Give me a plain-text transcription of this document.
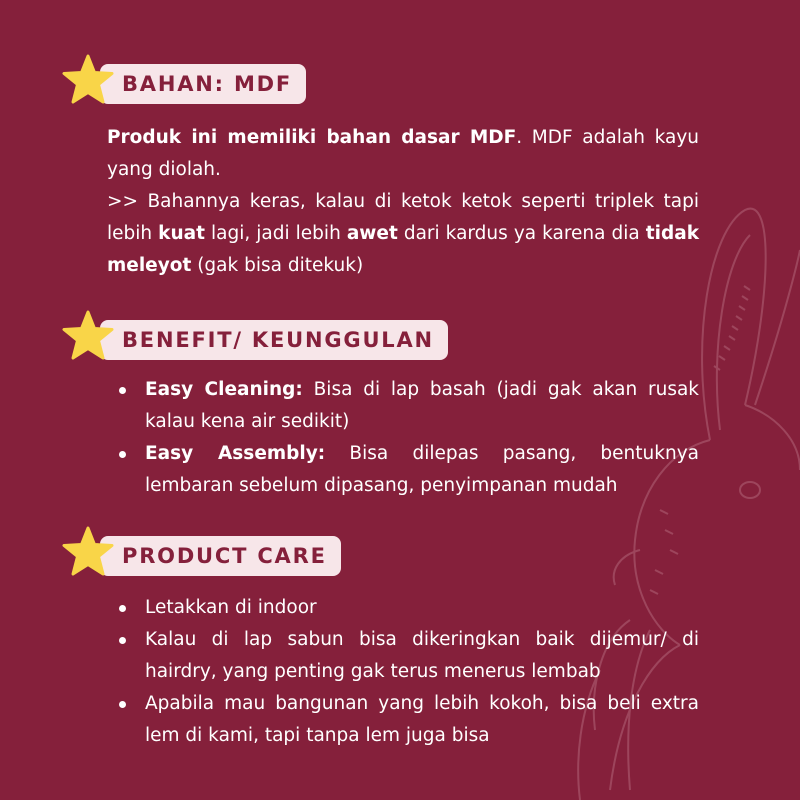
BAHAN: MDF
Produk ini memiliki bahan dasar MDF. MDF adalah kayu yang diolah.
>> Bahannya keras, kalau di ketok ketok seperti triplek tapi lebih kuat lagi, jadi lebih awet dari kardus ya karena dia tidak meleyot (gak bisa ditekuk)
BENEFIT/ KEUNGGULAN
Easy Cleaning: Bisa di lap basah (jadi gak akan rusak kalau kena air sedikit)
Easy Assembly: Bisa dilepas pasang, bentuknya lembaran sebelum dipasang, penyimpanan mudah
PRODUCT CARE
Letakkan di indoor
Kalau di lap sabun bisa dikeringkan baik dijemur/ di hairdry, yang penting gak terus menerus lembab
Apabila mau bangunan yang lebih kokoh, bisa beli extra lem di kami, tapi tanpa lem juga bisa
